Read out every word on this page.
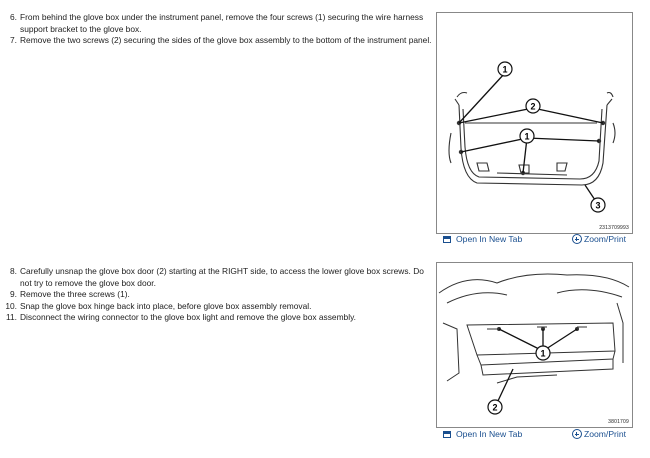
6. From behind the glove box under the instrument panel, remove the four screws (1) securing the wire harness support bracket to the glove box.
7. Remove the two screws (2) securing the sides of the glove box assembly to the bottom of the instrument panel.
8. Carefully unsnap the glove box door (2) starting at the RIGHT side, to access the lower glove box screws. Do not try to remove the glove box door.
9. Remove the three screws (1).
10. Snap the glove box hinge back into place, before glove box assembly removal.
11. Disconnect the wiring connector to the glove box light and remove the glove box assembly.
1
2
1
3
2313709993
Open In New Tab	Zoom/Print
1
2
3801709
Open In New Tab	Zoom/Print
